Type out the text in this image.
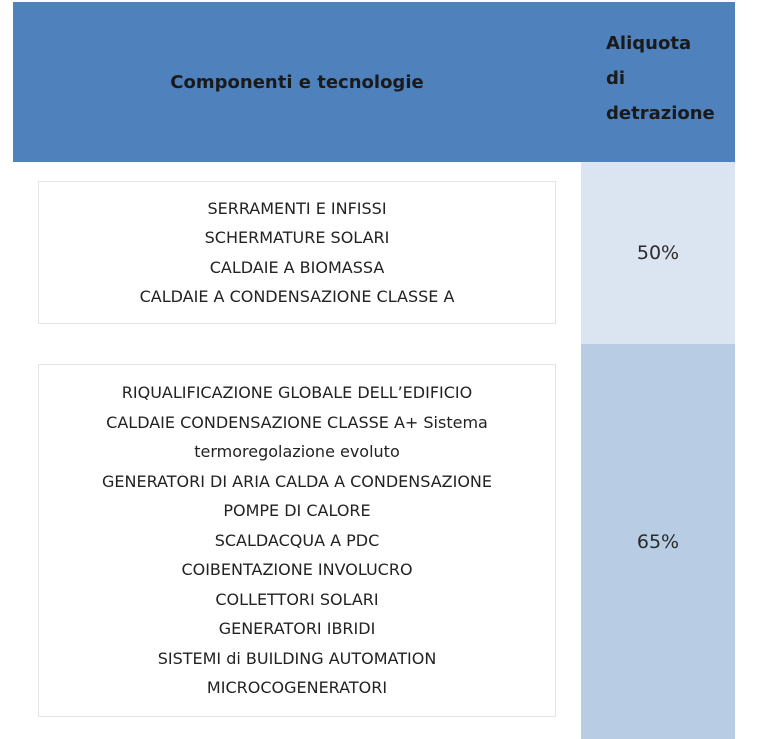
Componenti e tecnologie
Aliquota
di
detrazione
SERRAMENTI E INFISSI
SCHERMATURE SOLARI
CALDAIE A BIOMASSA
CALDAIE A CONDENSAZIONE CLASSE A
RIQUALIFICAZIONE GLOBALE DELL’EDIFICIO
CALDAIE CONDENSAZIONE CLASSE A+ Sistema
termoregolazione evoluto
GENERATORI DI ARIA CALDA A CONDENSAZIONE
POMPE DI CALORE
SCALDACQUA A PDC
COIBENTAZIONE INVOLUCRO
COLLETTORI SOLARI
GENERATORI IBRIDI
SISTEMI di BUILDING AUTOMATION
MICROCOGENERATORI
50%
65%
